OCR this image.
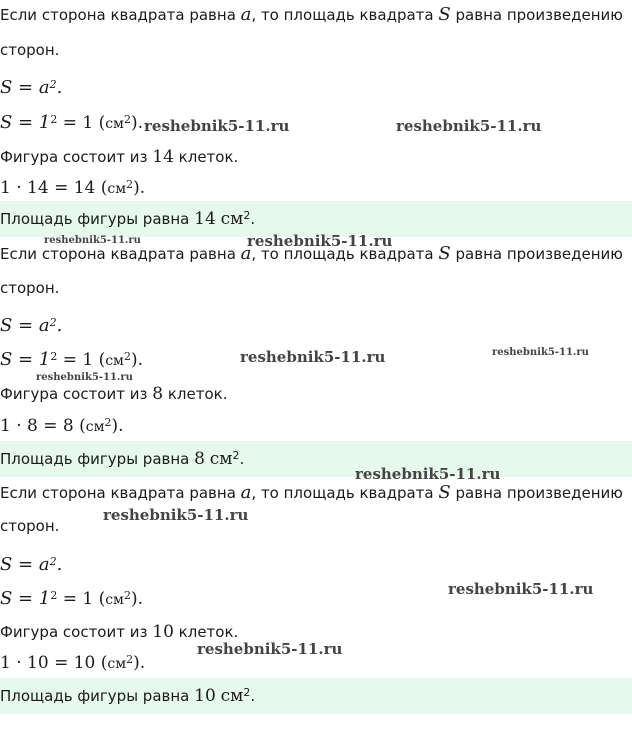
Если сторона квадрата равна a, то площадь квадрата S равна произведению
сторон.
$S = a^2$.
$S = 1^2 = 1$ $(см^2)$.
Фигура состоит из 14 клеток.
1 · 14 = 14 $(см^2)$.
Площадь фигуры равна 14 $см^2$.
Если сторона квадрата равна a, то площадь квадрата S равна произведению
сторон.
$S = a^2$.
$S = 1^2 = 1$ $(см^2)$.
Фигура состоит из 8 клеток.
1 · 8 = 8 $(см^2)$.
Площадь фигуры равна 8 $см^2$.
Если сторона квадрата равна a, то площадь квадрата S равна произведению
сторон.
$S = a^2$.
$S = 1^2 = 1$ $(см^2)$.
Фигура состоит из 10 клеток.
1 · 10 = 10 $(см^2)$.
Площадь фигуры равна 10 $см^2$.
reshebnik5-11.ru	reshebnik5-11.ru
reshebnik5-11.ru	reshebnik5-11.ru
reshebnik5-11.ru	reshebnik5-11.ru
reshebnik5-11.ru
reshebnik5-11.ru
reshebnik5-11.ru
reshebnik5-11.ru
reshebnik5-11.ru
